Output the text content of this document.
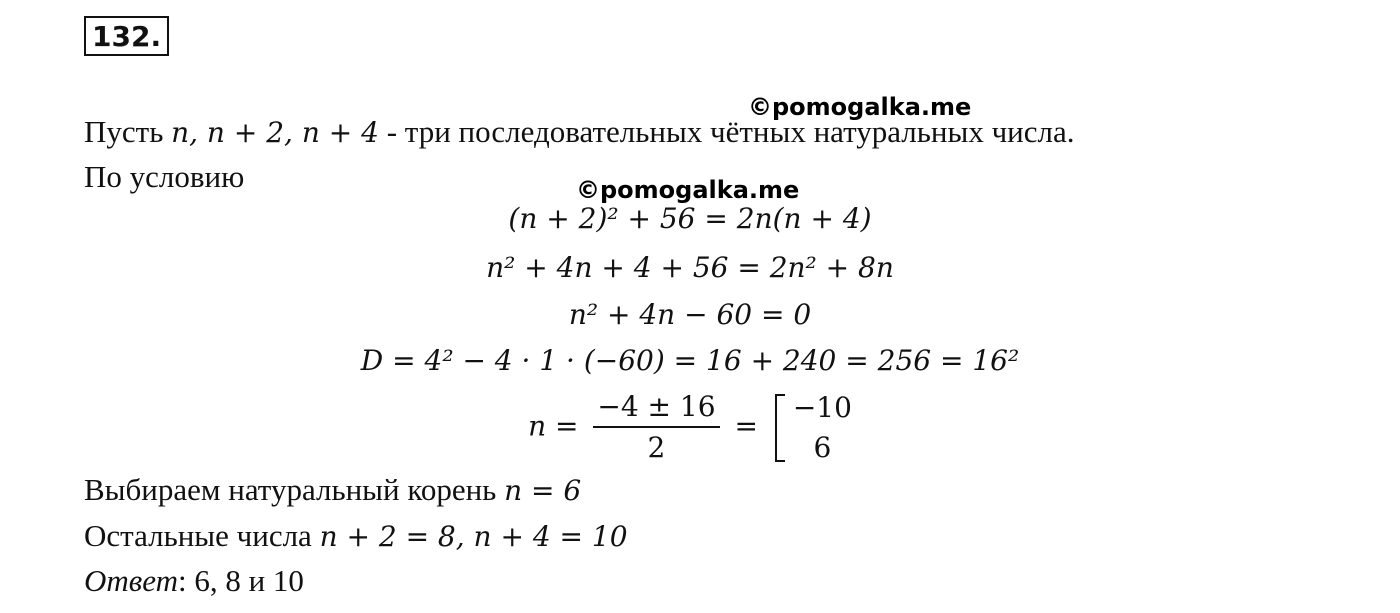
132.
©pomogalka.me
Пусть n, n + 2, n + 4 - три последовательных чётных натуральных числа.
По условию	©pomogalka.me
(n + 2)² + 56 = 2n(n + 4)
n² + 4n + 4 + 56 = 2n² + 8n
n² + 4n − 60 = 0
D = 4² − 4 · 1 · (−60) = 16 + 240 = 256 = 16²
$n = \frac{-4 \pm 16}{2}$ =
−10
6
Выбираем натуральный корень n = 6
Остальные числа n + 2 = 8, n + 4 = 10
Ответ: 6, 8 и 10
